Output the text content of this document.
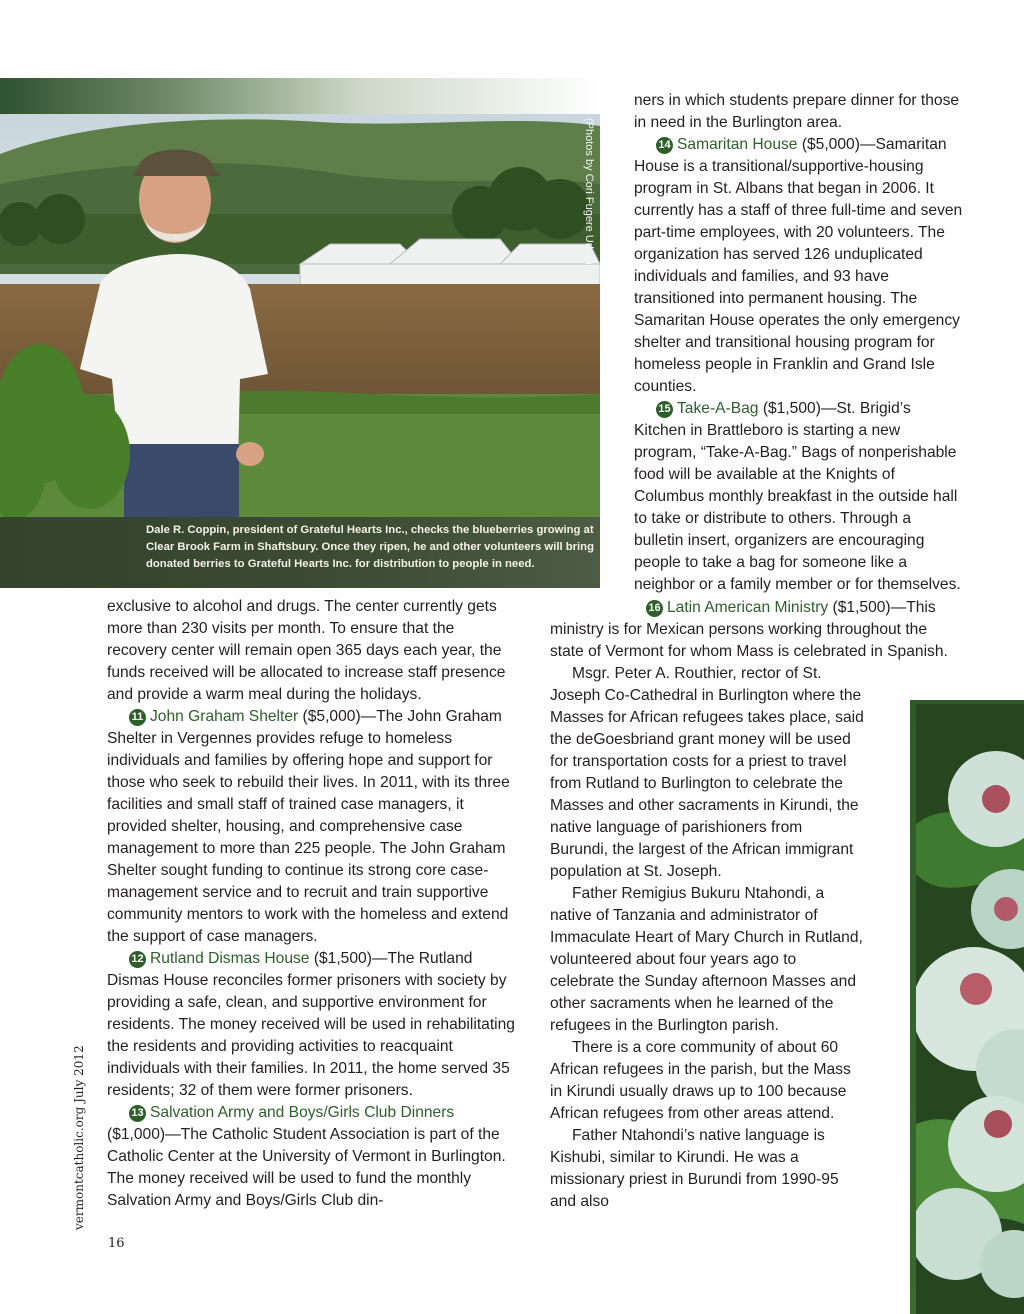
(Photos by Cori Fugere Urban)
Dale R. Coppin, president of Grateful Hearts Inc., checks the blueberries growing at Clear Brook Farm in Shaftsbury. Once they ripen, he and other volunteers will bring donated berries to Grateful Hearts Inc. for distribution to people in need.

exclusive to alcohol and drugs. The center currently gets more than 230 visits per month. To ensure that the recovery center will remain open 365 days each year, the funds received will be allocated to increase staff presence and provide a warm meal during the holidays.

11 John Graham Shelter ($5,000)—The John Graham Shelter in Vergennes provides refuge to homeless individuals and families by offering hope and support for those who seek to rebuild their lives. In 2011, with its three facilities and small staff of trained case managers, it provided shelter, housing, and comprehensive case management to more than 225 people. The John Graham Shelter sought funding to continue its strong core case-management service and to recruit and train supportive community mentors to work with the homeless and extend the support of case managers.

12 Rutland Dismas House ($1,500)—The Rutland Dismas House reconciles former prisoners with society by providing a safe, clean, and supportive environment for residents. The money received will be used in rehabilitating the residents and providing activities to reacquaint individuals with their families. In 2011, the home served 35 residents; 32 of them were former prisoners.

13 Salvation Army and Boys/Girls Club Dinners ($1,000)—The Catholic Student Association is part of the Catholic Center at the University of Vermont in Burlington. The money received will be used to fund the monthly Salvation Army and Boys/Girls Club din-

ners in which students prepare dinner for those in need in the Burlington area.

14 Samaritan House ($5,000)—Samaritan House is a transitional/supportive-housing program in St. Albans that began in 2006. It currently has a staff of three full-time and seven part-time employees, with 20 volunteers. The organization has served 126 unduplicated individuals and families, and 93 have transitioned into permanent housing. The Samaritan House operates the only emergency shelter and transitional housing program for homeless people in Franklin and Grand Isle counties.

15 Take-A-Bag ($1,500)—St. Brigid’s Kitchen in Brattleboro is starting a new program, “Take-A-Bag.” Bags of nonperishable food will be available at the Knights of Columbus monthly breakfast in the outside hall to take or distribute to others. Through a bulletin insert, organizers are encouraging people to take a bag for someone like a neighbor or a family member or for themselves.

16 Latin American Ministry ($1,500)—This ministry is for Mexican persons working throughout the state of Vermont for whom Mass is celebrated in Spanish.

Msgr. Peter A. Routhier, rector of St. Joseph Co-Cathedral in Burlington where the Masses for African refugees takes place, said the deGoesbriand grant money will be used for transportation costs for a priest to travel from Rutland to Burlington to celebrate the Masses and other sacraments in Kirundi, the native language of parishioners from Burundi, the largest of the African immigrant population at St. Joseph.

Father Remigius Bukuru Ntahondi, a native of Tanzania and administrator of Immaculate Heart of Mary Church in Rutland, volunteered about four years ago to celebrate the Sunday afternoon Masses and other sacraments when he learned of the refugees in the Burlington parish.

There is a core community of about 60 African refugees in the parish, but the Mass in Kirundi usually draws up to 100 because African refugees from other areas attend.

Father Ntahondi’s native language is Kishubi, similar to Kirundi. He was a missionary priest in Burundi from 1990-95 and also

vermontcatholic.org July 2012
16
